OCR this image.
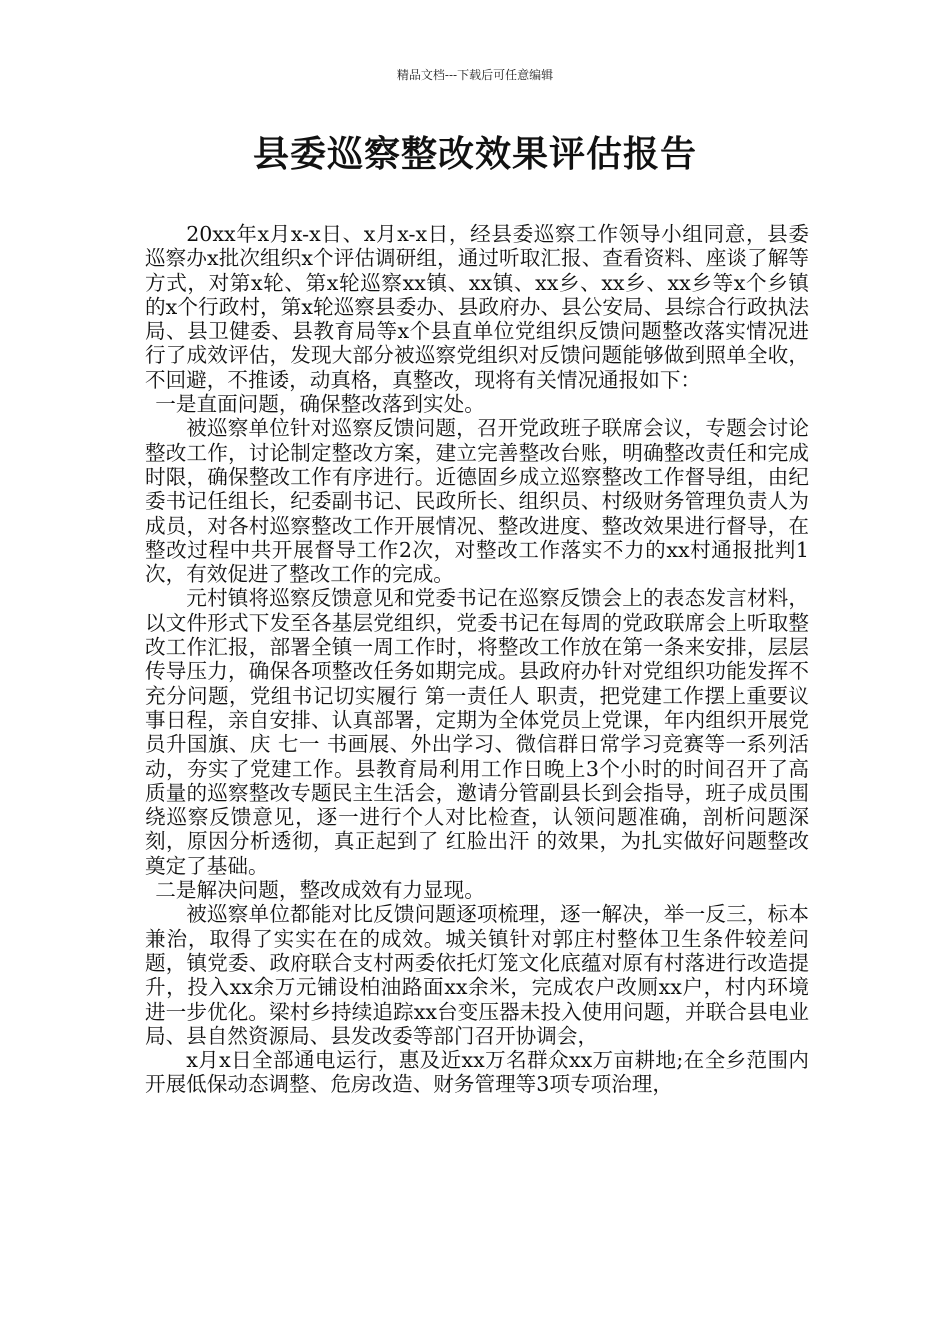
精品文档---下载后可任意编辑
县委巡察整改效果评估报告

20xx年x月x-x日、x月x-x日，经县委巡察工作领导小组同意，县委巡察办x批次组织x个评估调研组，通过听取汇报、查看资料、座谈了解等方式，对第x轮、第x轮巡察xx镇、xx镇、xx乡、xx乡、xx乡等x个乡镇的x个行政村，第x轮巡察县委办、县政府办、县公安局、县综合行政执法局、县卫健委、县教育局等x个县直单位党组织反馈问题整改落实情况进行了成效评估，发现大部分被巡察党组织对反馈问题能够做到照单全收，不回避，不推诿，动真格，真整改，现将有关情况通报如下：

一是直面问题，确保整改落到实处。

被巡察单位针对巡察反馈问题，召开党政班子联席会议，专题会讨论整改工作，讨论制定整改方案，建立完善整改台账，明确整改责任和完成时限，确保整改工作有序进行。近德固乡成立巡察整改工作督导组，由纪委书记任组长，纪委副书记、民政所长、组织员、村级财务管理负责人为成员，对各村巡察整改工作开展情况、整改进度、整改效果进行督导，在整改过程中共开展督导工作2次，对整改工作落实不力的xx村通报批判1次，有效促进了整改工作的完成。

元村镇将巡察反馈意见和党委书记在巡察反馈会上的表态发言材料，以文件形式下发至各基层党组织，党委书记在每周的党政联席会上听取整改工作汇报，部署全镇一周工作时，将整改工作放在第一条来安排，层层传导压力，确保各项整改任务如期完成。县政府办针对党组织功能发挥不充分问题，党组书记切实履行 第一责任人 职责，把党建工作摆上重要议事日程，亲自安排、认真部署，定期为全体党员上党课，年内组织开展党员升国旗、庆 七一 书画展、外出学习、微信群日常学习竞赛等一系列活动，夯实了党建工作。县教育局利用工作日晚上3个小时的时间召开了高质量的巡察整改专题民主生活会，邀请分管副县长到会指导，班子成员围绕巡察反馈意见，逐一进行个人对比检查，认领问题准确，剖析问题深刻，原因分析透彻，真正起到了 红脸出汗 的效果，为扎实做好问题整改奠定了基础。

二是解决问题，整改成效有力显现。

被巡察单位都能对比反馈问题逐项梳理，逐一解决，举一反三，标本兼治，取得了实实在在的成效。城关镇针对郭庄村整体卫生条件较差问题，镇党委、政府联合支村两委依托灯笼文化底蕴对原有村落进行改造提升，投入xx余万元铺设柏油路面xx余米，完成农户改厕xx户，村内环境进一步优化。梁村乡持续追踪xx台变压器未投入使用问题，并联合县电业局、县自然资源局、县发改委等部门召开协调会，

x月x日全部通电运行，惠及近xx万名群众xx万亩耕地;在全乡范围内开展低保动态调整、危房改造、财务管理等3项专项治理，
